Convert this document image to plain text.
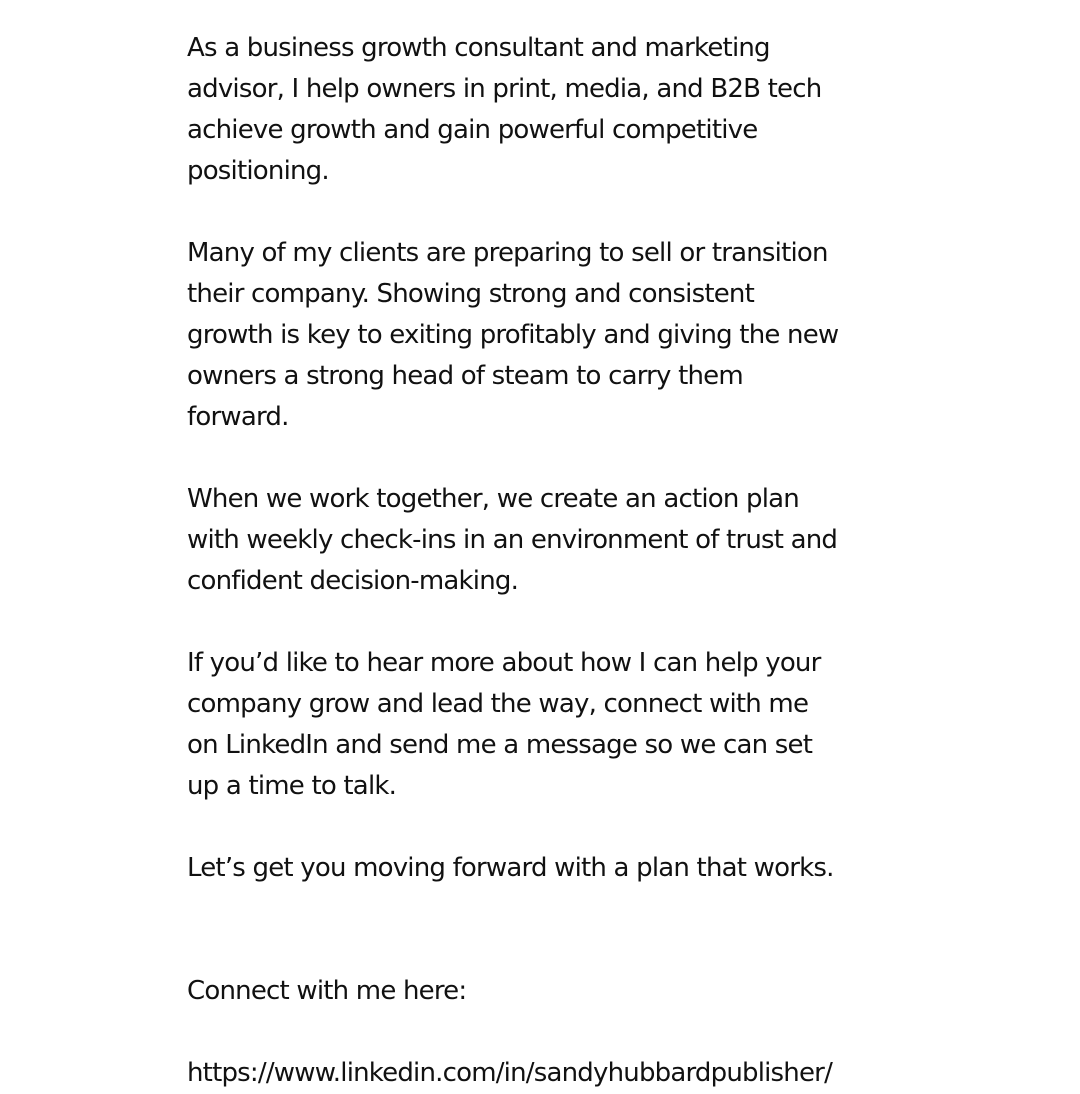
As a business growth consultant and marketing
advisor, I help owners in print, media, and B2B tech
achieve growth and gain powerful competitive
positioning.

Many of my clients are preparing to sell or transition
their company. Showing strong and consistent
growth is key to exiting profitably and giving the new
owners a strong head of steam to carry them
forward.

When we work together, we create an action plan
with weekly check-ins in an environment of trust and
confident decision-making.

If you’d like to hear more about how I can help your
company grow and lead the way, connect with me
on LinkedIn and send me a message so we can set
up a time to talk.

Let’s get you moving forward with a plan that works.

Connect with me here:

https://www.linkedin.com/in/sandyhubbardpublisher/
